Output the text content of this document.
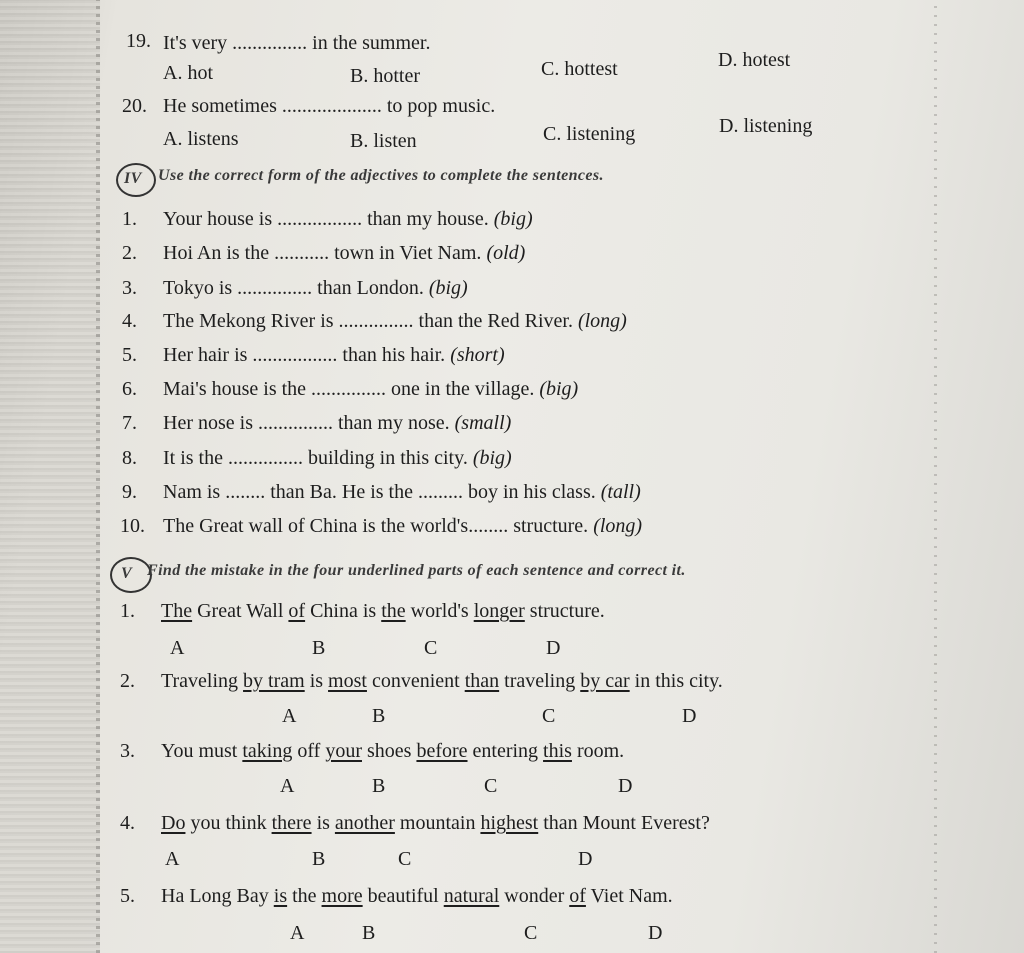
19. It's very ............... in the summer.
A. hot	B. hotter	C. hottest	D. hotest
20. He sometimes .................... to pop music.
A. listens	B. listen	C. listening	D. listening
IV Use the correct form of the adjectives to complete the sentences.
1. Your house is ................. than my house. (big)
2. Hoi An is the ........... town in Viet Nam. (old)
3. Tokyo is ............... than London. (big)
4. The Mekong River is ............... than the Red River. (long)
5. Her hair is ................. than his hair. (short)
6. Mai's house is the ............... one in the village. (big)
7. Her nose is ............... than my nose. (small)
8. It is the ............... building in this city. (big)
9. Nam is ........ than Ba. He is the ......... boy in his class. (tall)
10. The Great wall of China is the world's........ structure. (long)
V Find the mistake in the four underlined parts of each sentence and correct it.
1. The Great Wall of China is the world's longer structure.
A	B	C	D
2. Traveling by tram is most convenient than traveling by car in this city.
A	B	C	D
3. You must taking off your shoes before entering this room.
A	B	C	D
4. Do you think there is another mountain highest than Mount Everest?
A	B	C	D
5. Ha Long Bay is the more beautiful natural wonder of Viet Nam.
A	B	C	D
